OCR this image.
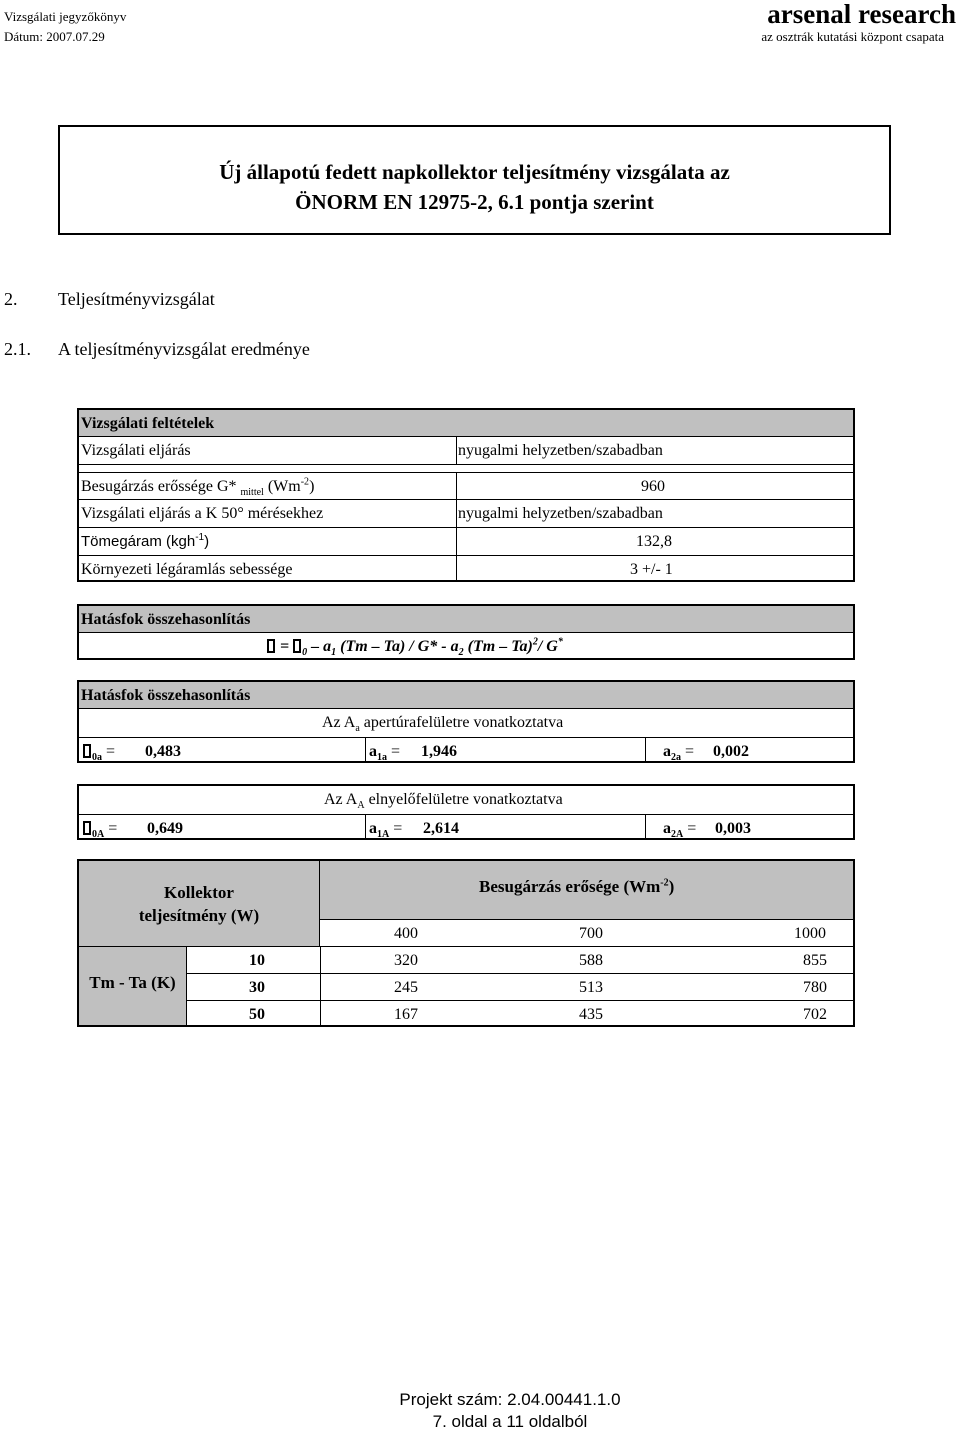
Vizsgálati jegyzőkönyv
Dátum: 2007.07.29
arsenal research
az osztrák kutatási központ csapata
Új állapotú fedett napkollektor teljesítmény vizsgálata az
ÖNORM EN 12975-2, 6.1 pontja szerint
2. Teljesítményvizsgálat
2.1. A teljesítményvizsgálat eredménye
Vizsgálati feltételek
Vizsgálati eljárás	nyugalmi helyzetben/szabadban
Besugárzás erőssége G* $_{mittel}$ $(Wm^{-2})$	960
Vizsgálati eljárás a K 50° mérésekhez	nyugalmi helyzetben/szabadban
Tömegáram (kgh$^{-1}$)	132,8
Környezeti légáramlás sebessége	3 +/- 1
Hatásfok összehasonlítás
= $_0 - a_1$ $(Tm - Ta) / G* - a_2$ (Tm – Ta)$^2$/ G*
Hatásfok összehasonlítás
Az $A_a$ apertúrafelületre vonatkoztatva
$_{0a}$ = 0,483	$a_{1a} = 1,946$	$a_{2a} = 0,002$
Az $A_A$ elnyelőfelületre vonatkoztatva
$_{0A}$ = 0,649	$a_{1A} = 2,614$	$a_{2A} = 0,003$
Kollektor
teljesítmény (W)
Besugárzás erősége $(Wm^{-2})$
400	700	1000
Tm - Ta (K)
10	320	588	855
30	245	513	780
50	167	435	702
Projekt szám: 2.04.00441.1.0
7. oldal a 11 oldalból
